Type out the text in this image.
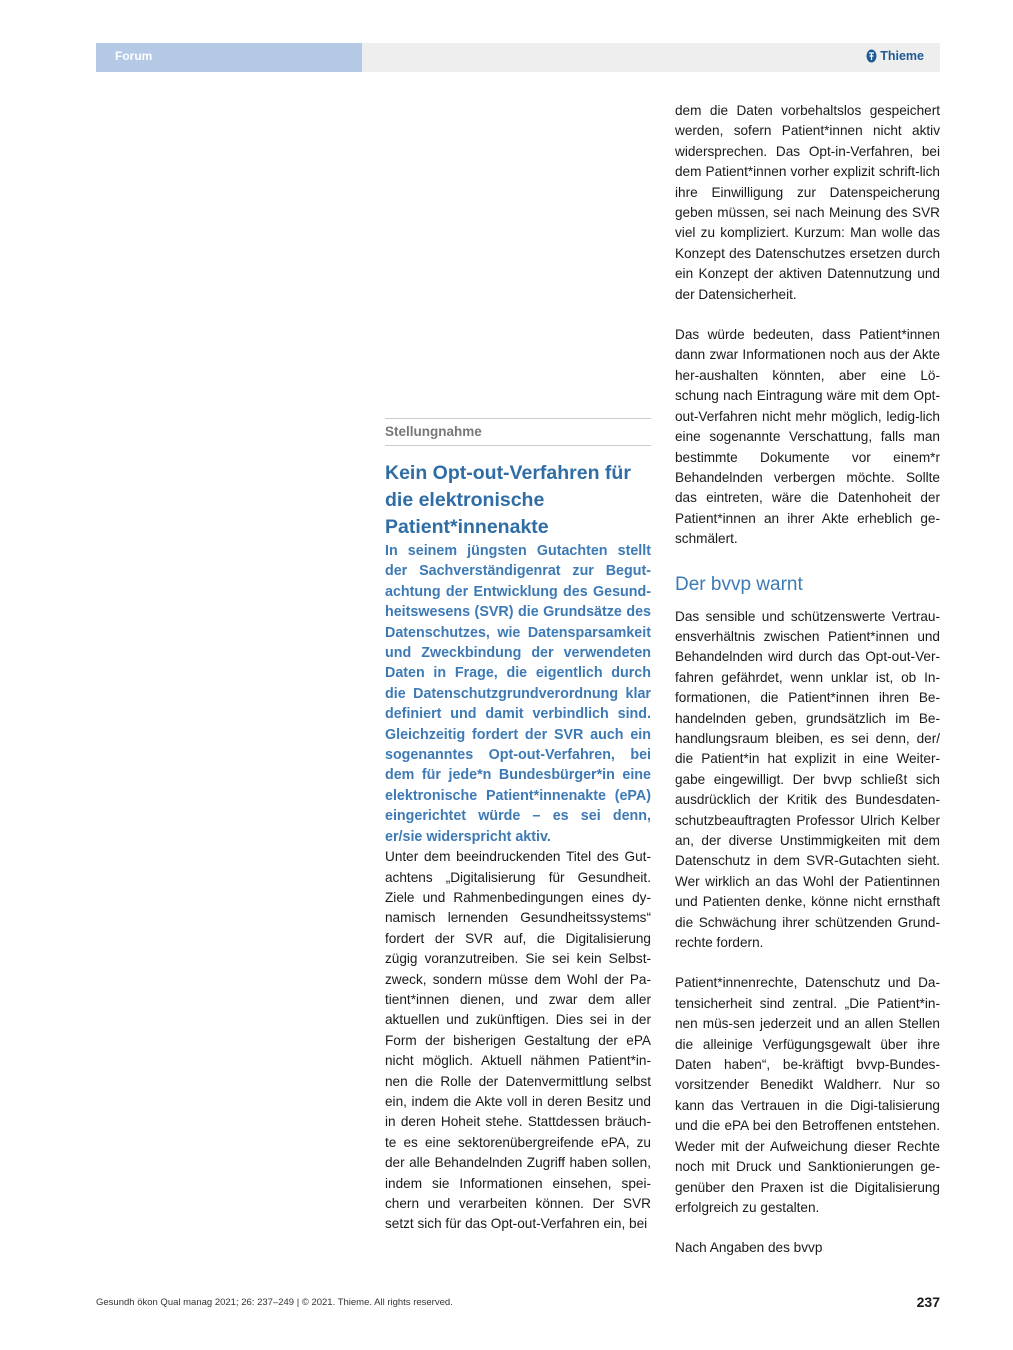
Forum	Thieme
Stellungnahme
Kein Opt-out-Verfahren für die elektronische Patient*innenakte

In seinem jüngsten Gutachten stellt der Sachverständigenrat zur Begut-achtung der Entwicklung des Gesund-heitswesens (SVR) die Grundsätze des Datenschutzes, wie Datensparsamkeit und Zweckbindung der verwendeten Daten in Frage, die eigentlich durch die Datenschutzgrundverordnung klar definiert und damit verbindlich sind. Gleichzeitig fordert der SVR auch ein sogenanntes Opt-out-Verfahren, bei dem für jede*n Bundesbürger*in eine elektronische Patient*innenakte (ePA) eingerichtet würde – es sei denn, er/sie widerspricht aktiv.

Unter dem beeindruckenden Titel des Gut-achtens „Digitalisierung für Gesundheit. Ziele und Rahmenbedingungen eines dy-namisch lernenden Gesundheitssystems“ fordert der SVR auf, die Digitalisierung zügig voranzutreiben. Sie sei kein Selbst-zweck, sondern müsse dem Wohl der Pa-tient*innen dienen, und zwar dem aller aktuellen und zukünftigen. Dies sei in der Form der bisherigen Gestaltung der ePA nicht möglich. Aktuell nähmen Patient*in-nen die Rolle der Datenvermittlung selbst ein, indem die Akte voll in deren Besitz und in deren Hoheit stehe. Stattdessen bräuch-te es eine sektorenübergreifende ePA, zu der alle Behandelnden Zugriff haben sollen, indem sie Informationen einsehen, spei-chern und verarbeiten können. Der SVR setzt sich für das Opt-out-Verfahren ein, bei

dem die Daten vorbehaltslos gespeichert werden, sofern Patient*innen nicht aktiv widersprechen. Das Opt-in-Verfahren, bei dem Patient*innen vorher explizit schrift-lich ihre Einwilligung zur Datenspeicherung geben müssen, sei nach Meinung des SVR viel zu kompliziert. Kurzum: Man wolle das Konzept des Datenschutzes ersetzen durch ein Konzept der aktiven Datennutzung und der Datensicherheit.

Das würde bedeuten, dass Patient*innen dann zwar Informationen noch aus der Akte her-aushalten könnten, aber eine Lö-schung nach Eintragung wäre mit dem Opt-out-Verfahren nicht mehr möglich, ledig-lich eine sogenannte Verschattung, falls man bestimmte Dokumente vor einem*r Behandelnden verbergen möchte. Sollte das eintreten, wäre die Datenhoheit der Patient*innen an ihrer Akte erheblich ge-schmälert.

Der bvvp warnt

Das sensible und schützenswerte Vertrau-ensverhältnis zwischen Patient*innen und Behandelnden wird durch das Opt-out-Ver-fahren gefährdet, wenn unklar ist, ob In-formationen, die Patient*innen ihren Be-handelnden geben, grundsätzlich im Be-handlungsraum bleiben, es sei denn, der/ die Patient*in hat explizit in eine Weiter-gabe eingewilligt. Der bvvp schließt sich ausdrücklich der Kritik des Bundesdaten-schutzbeauftragten Professor Ulrich Kelber an, der diverse Unstimmigkeiten mit dem Datenschutz in dem SVR-Gutachten sieht. Wer wirklich an das Wohl der Patientinnen und Patienten denke, könne nicht ernsthaft die Schwächung ihrer schützenden Grund-rechte fordern.

Patient*innenrechte, Datenschutz und Da-tensicherheit sind zentral. „Die Patient*in-nen müs-sen jederzeit und an allen Stellen die alleinige Verfügungsgewalt über ihre Daten haben“, be-kräftigt bvvp-Bundes-vorsitzender Benedikt Waldherr. Nur so kann das Vertrauen in die Digi-talisierung und die ePA bei den Betroffenen entstehen. Weder mit der Aufweichung dieser Rechte noch mit Druck und Sanktionierungen ge-genüber den Praxen ist die Digitalisierung erfolgreich zu gestalten.

Nach Angaben des bvvp

Gesundh ökon Qual manag 2021; 26: 237–249 | © 2021. Thieme. All rights reserved.	237
